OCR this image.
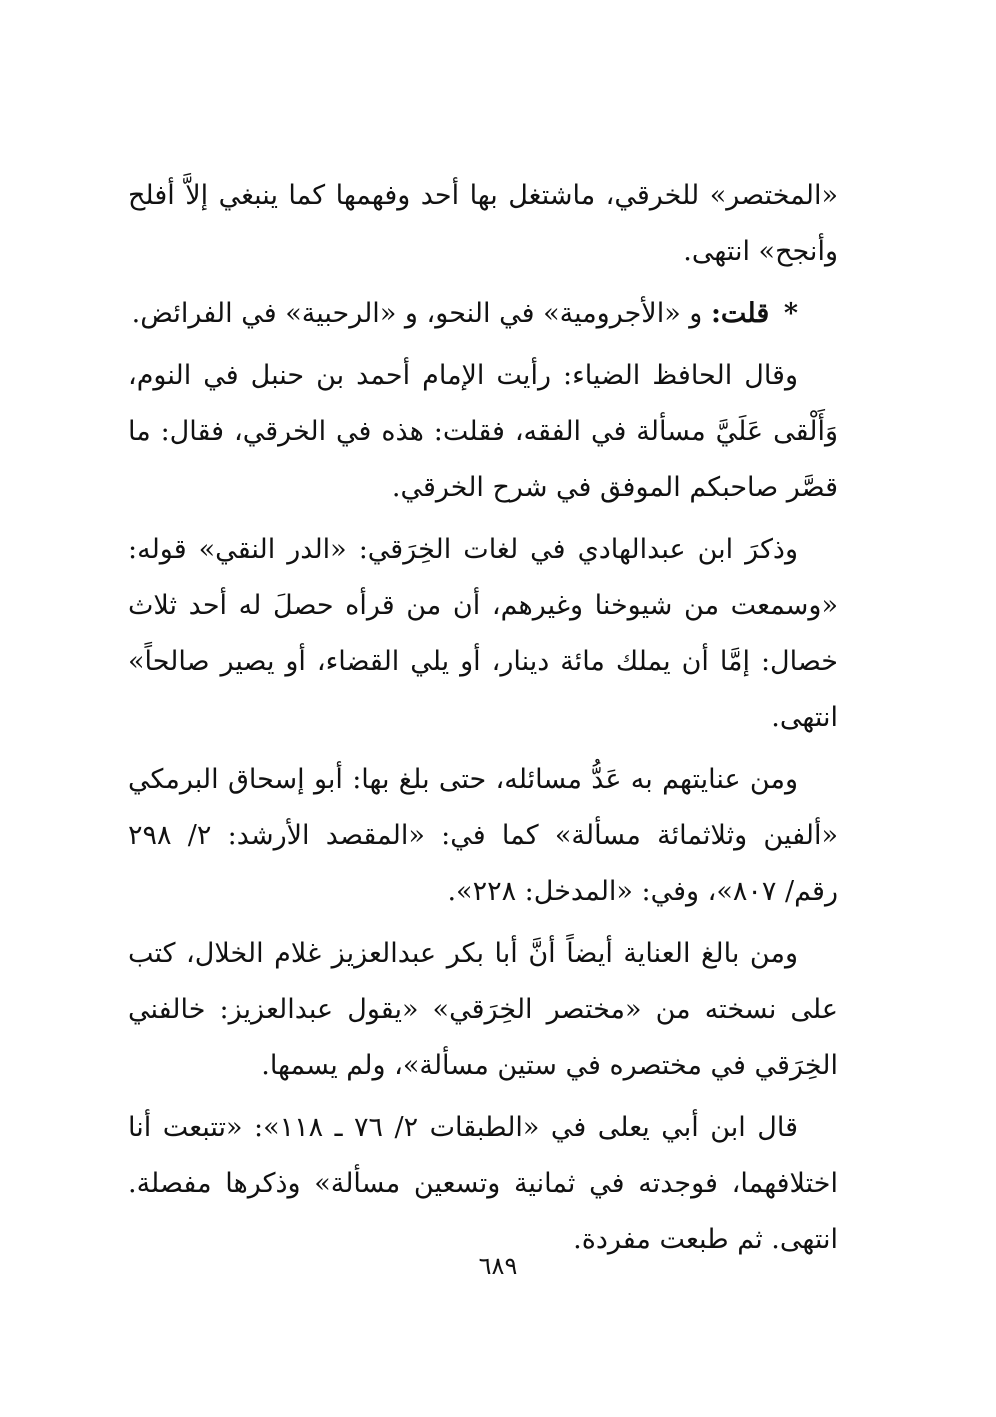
«المختصر» للخرقي، ماشتغل بها أحد وفهمها كما ينبغي إلاَّ أفلح وأنجح» انتهى.

* قلت: و «الأجرومية» في النحو، و «الرحبية» في الفرائض.

وقال الحافظ الضياء: رأيت الإمام أحمد بن حنبل في النوم، وَأَلْقى عَلَيَّ مسألة في الفقه، فقلت: هذه في الخرقي، فقال: ما قصَّر صاحبكم الموفق في شرح الخرقي.

وذكرَ ابن عبدالهادي في لغات الخِرَقي: «الدر النقي» قوله: «وسمعت من شيوخنا وغيرهم، أن من قرأه حصلَ له أحد ثلاث خصال: إمَّا أن يملك مائة دينار، أو يلي القضاء، أو يصير صالحاً» انتهى.

ومن عنايتهم به عَدُّ مسائله، حتى بلغ بها: أبو إسحاق البرمكي «ألفين وثلاثمائة مسألة» كما في: «المقصد الأرشد: ٢/ ٢٩٨ رقم/ ٨٠٧»، وفي: «المدخل: ٢٢٨».

ومن بالغ العناية أيضاً أنَّ أبا بكر عبدالعزيز غلام الخلال، كتب على نسخته من «مختصر الخِرَقي» «يقول عبدالعزيز: خالفني الخِرَقي في مختصره في ستين مسألة»، ولم يسمها.

قال ابن أبي يعلى في «الطبقات ٢/ ٧٦ ـ ١١٨»: «تتبعت أنا اختلافهما، فوجدته في ثمانية وتسعين مسألة» وذكرها مفصلة. انتهى. ثم طبعت مفردة.

٦٨٩
